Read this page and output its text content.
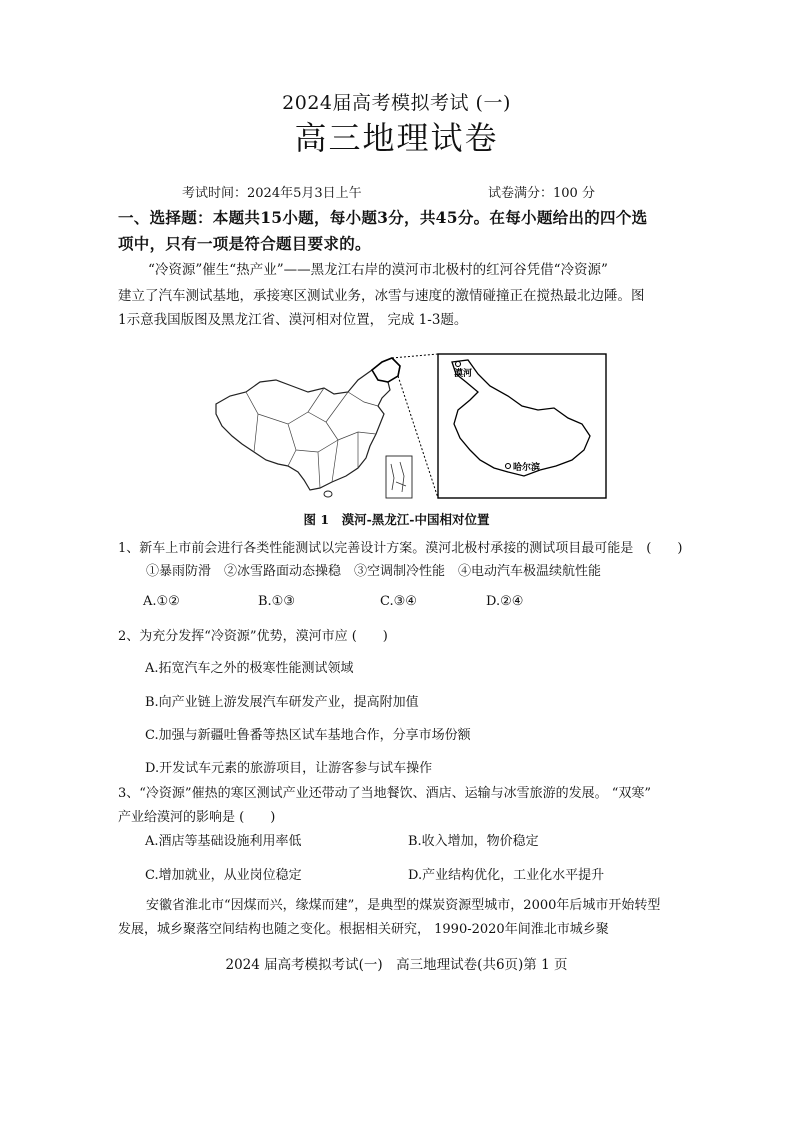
2024届高考模拟考试 (一)
高三地理试卷
考试时间：2024年5月3日上午	试卷满分：100 分
一、选择题：本题共15小题，每小题3分，共45分。在每小题给出的四个选
项中，只有一项是符合题目要求的。
“冷资源”催生“热产业”——黑龙江右岸的漠河市北极村的红河谷凭借“冷资源”
建立了汽车测试基地，承接寒区测试业务，冰雪与速度的激情碰撞正在搅热最北边陲。图
1示意我国版图及黑龙江省、漠河相对位置， 完成 1-3题。
漠河
哈尔滨
图 1　漠河-黑龙江-中国相对位置
1、新车上市前会进行各类性能测试以完善设计方案。漠河北极村承接的测试项目最可能是　(　　)
①暴雨防滑　②冰雪路面动态操稳　③空调制冷性能　④电动汽车极温续航性能
A.①②	B.①③	C.③④	D.②④
2、为充分发挥“冷资源”优势，漠河市应 (　　)
A.拓宽汽车之外的极寒性能测试领域
B.向产业链上游发展汽车研发产业，提高附加值
C.加强与新疆吐鲁番等热区试车基地合作，分享市场份额
D.开发试车元素的旅游项目，让游客参与试车操作
3、“冷资源”催热的寒区测试产业还带动了当地餐饮、酒店、运输与冰雪旅游的发展。 “双寒”
产业给漠河的影响是 (　　)
A.酒店等基础设施利用率低	B.收入增加，物价稳定
C.增加就业，从业岗位稳定	D.产业结构优化，工业化水平提升
安徽省淮北市“因煤而兴，缘煤而建”，是典型的煤炭资源型城市，2000年后城市开始转型
发展，城乡聚落空间结构也随之变化。根据相关研究， 1990-2020年间淮北市城乡聚
2024 届高考模拟考试(一)　高三地理试卷(共6页)第 1 页
